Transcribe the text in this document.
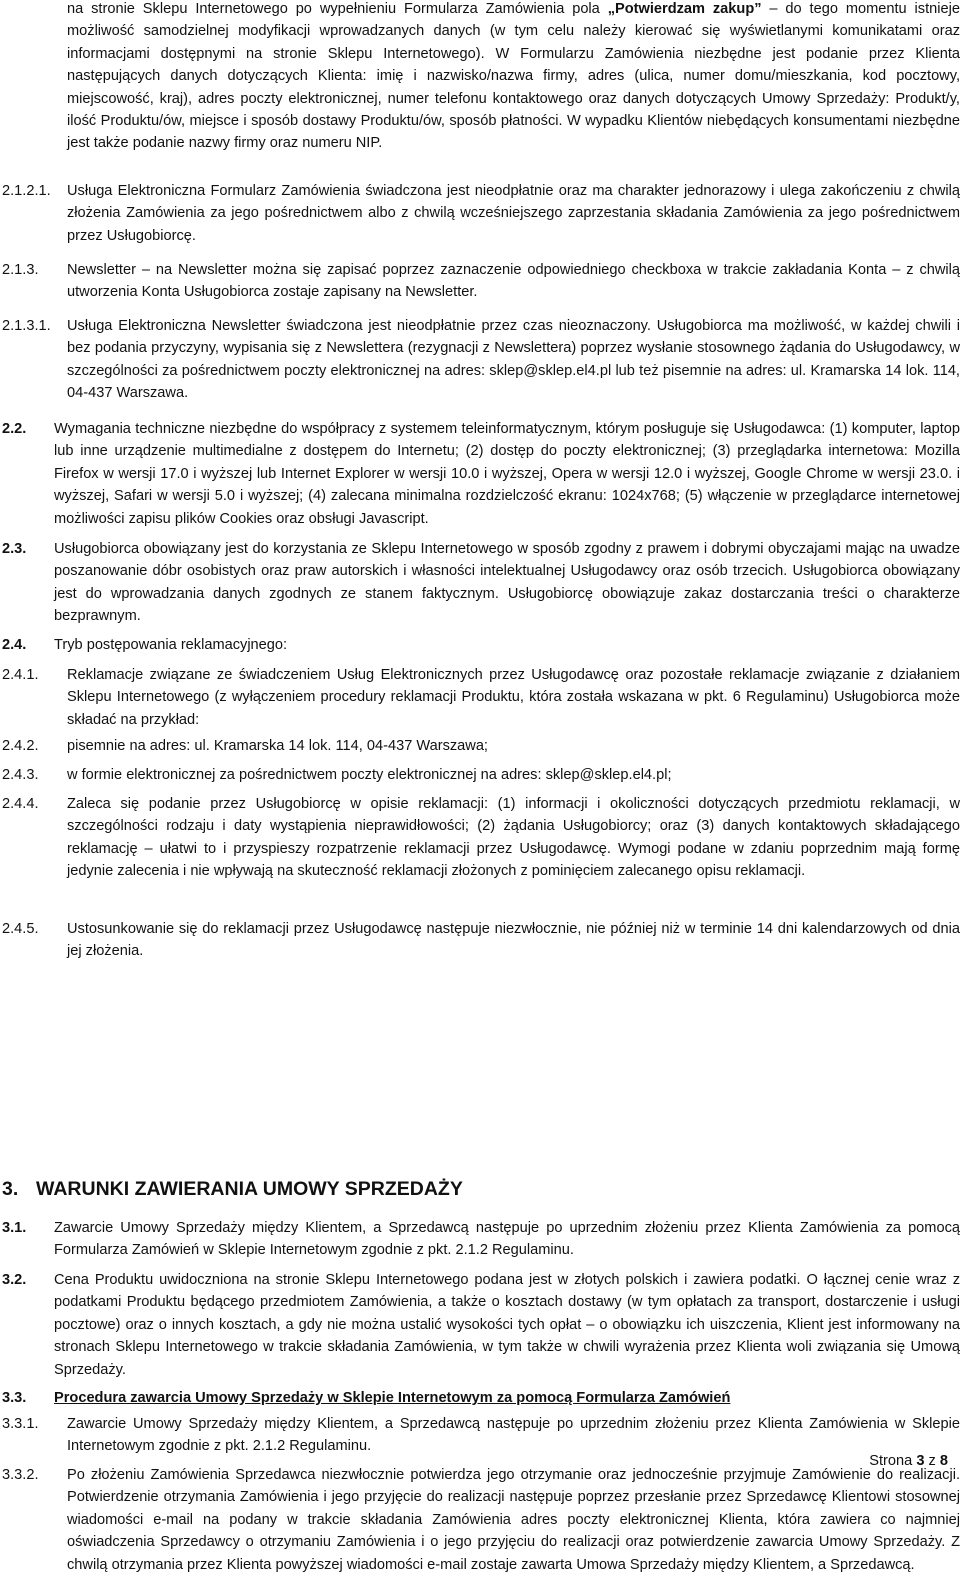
na stronie Sklepu Internetowego po wypełnieniu Formularza Zamówienia pola „Potwierdzam zakup” – do tego momentu istnieje możliwość samodzielnej modyfikacji wprowadzanych danych (w tym celu należy kierować się wyświetlanymi komunikatami oraz informacjami dostępnymi na stronie Sklepu Internetowego). W Formularzu Zamówienia niezbędne jest podanie przez Klienta następujących danych dotyczących Klienta: imię i nazwisko/nazwa firmy, adres (ulica, numer domu/mieszkania, kod pocztowy, miejscowość, kraj), adres poczty elektronicznej, numer telefonu kontaktowego oraz danych dotyczących Umowy Sprzedaży: Produkt/y, ilość Produktu/ów, miejsce i sposób dostawy Produktu/ów, sposób płatności. W wypadku Klientów niebędących konsumentami niezbędne jest także podanie nazwy firmy oraz numeru NIP.
2.1.2.1. Usługa Elektroniczna Formularz Zamówienia świadczona jest nieodpłatnie oraz ma charakter jednorazowy i ulega zakończeniu z chwilą złożenia Zamówienia za jego pośrednictwem albo z chwilą wcześniejszego zaprzestania składania Zamówienia za jego pośrednictwem przez Usługobiorcę.
2.1.3. Newsletter – na Newsletter można się zapisać poprzez zaznaczenie odpowiedniego checkboxa w trakcie zakładania Konta – z chwilą utworzenia Konta Usługobiorca zostaje zapisany na Newsletter.
2.1.3.1. Usługa Elektroniczna Newsletter świadczona jest nieodpłatnie przez czas nieoznaczony. Usługobiorca ma możliwość, w każdej chwili i bez podania przyczyny, wypisania się z Newslettera (rezygnacji z Newslettera) poprzez wysłanie stosownego żądania do Usługodawcy, w szczególności za pośrednictwem poczty elektronicznej na adres: sklep@sklep.el4.pl lub też pisemnie na adres: ul. Kramarska 14 lok. 114, 04-437 Warszawa.
2.2. Wymagania techniczne niezbędne do współpracy z systemem teleinformatycznym, którym posługuje się Usługodawca: (1) komputer, laptop lub inne urządzenie multimedialne z dostępem do Internetu; (2) dostęp do poczty elektronicznej; (3) przeglądarka internetowa: Mozilla Firefox w wersji 17.0 i wyższej lub Internet Explorer w wersji 10.0 i wyższej, Opera w wersji 12.0 i wyższej, Google Chrome w wersji 23.0. i wyższej, Safari w wersji 5.0 i wyższej; (4) zalecana minimalna rozdzielczość ekranu: 1024x768; (5) włączenie w przeglądarce internetowej możliwości zapisu plików Cookies oraz obsługi Javascript.
2.3. Usługobiorca obowiązany jest do korzystania ze Sklepu Internetowego w sposób zgodny z prawem i dobrymi obyczajami mając na uwadze poszanowanie dóbr osobistych oraz praw autorskich i własności intelektualnej Usługodawcy oraz osób trzecich. Usługobiorca obowiązany jest do wprowadzania danych zgodnych ze stanem faktycznym. Usługobiorcę obowiązuje zakaz dostarczania treści o charakterze bezprawnym.
2.4. Tryb postępowania reklamacyjnego:
2.4.1. Reklamacje związane ze świadczeniem Usług Elektronicznych przez Usługodawcę oraz pozostałe reklamacje związanie z działaniem Sklepu Internetowego (z wyłączeniem procedury reklamacji Produktu, która została wskazana w pkt. 6 Regulaminu) Usługobiorca może składać na przykład:
2.4.2. pisemnie na adres: ul. Kramarska 14 lok. 114, 04-437 Warszawa;
2.4.3. w formie elektronicznej za pośrednictwem poczty elektronicznej na adres: sklep@sklep.el4.pl;
2.4.4. Zaleca się podanie przez Usługobiorcę w opisie reklamacji: (1) informacji i okoliczności dotyczących przedmiotu reklamacji, w szczególności rodzaju i daty wystąpienia nieprawidłowości; (2) żądania Usługobiorcy; oraz (3) danych kontaktowych składającego reklamację – ułatwi to i przyspieszy rozpatrzenie reklamacji przez Usługodawcę. Wymogi podane w zdaniu poprzednim mają formę jedynie zalecenia i nie wpływają na skuteczność reklamacji złożonych z pominięciem zalecanego opisu reklamacji.
2.4.5. Ustosunkowanie się do reklamacji przez Usługodawcę następuje niezwłocznie, nie później niż w terminie 14 dni kalendarzowych od dnia jej złożenia.
3. WARUNKI ZAWIERANIA UMOWY SPRZEDAŻY
3.1. Zawarcie Umowy Sprzedaży między Klientem, a Sprzedawcą następuje po uprzednim złożeniu przez Klienta Zamówienia za pomocą Formularza Zamówień w Sklepie Internetowym zgodnie z pkt. 2.1.2 Regulaminu.
3.2. Cena Produktu uwidoczniona na stronie Sklepu Internetowego podana jest w złotych polskich i zawiera podatki. O łącznej cenie wraz z podatkami Produktu będącego przedmiotem Zamówienia, a także o kosztach dostawy (w tym opłatach za transport, dostarczenie i usługi pocztowe) oraz o innych kosztach, a gdy nie można ustalić wysokości tych opłat – o obowiązku ich uiszczenia, Klient jest informowany na stronach Sklepu Internetowego w trakcie składania Zamówienia, w tym także w chwili wyrażenia przez Klienta woli związania się Umową Sprzedaży.
3.3. Procedura zawarcia Umowy Sprzedaży w Sklepie Internetowym za pomocą Formularza Zamówień
3.3.1. Zawarcie Umowy Sprzedaży między Klientem, a Sprzedawcą następuje po uprzednim złożeniu przez Klienta Zamówienia w Sklepie Internetowym zgodnie z pkt. 2.1.2 Regulaminu.
3.3.2. Po złożeniu Zamówienia Sprzedawca niezwłocznie potwierdza jego otrzymanie oraz jednocześnie przyjmuje Zamówienie do realizacji. Potwierdzenie otrzymania Zamówienia i jego przyjęcie do realizacji następuje poprzez przesłanie przez Sprzedawcę Klientowi stosownej wiadomości e-mail na podany w trakcie składania Zamówienia adres poczty elektronicznej Klienta, która zawiera co najmniej oświadczenia Sprzedawcy o otrzymaniu Zamówienia i o jego przyjęciu do realizacji oraz potwierdzenie zawarcia Umowy Sprzedaży. Z chwilą otrzymania przez Klienta powyższej wiadomości e-mail zostaje zawarta Umowa Sprzedaży między Klientem, a Sprzedawcą.
Strona 3 z 8
